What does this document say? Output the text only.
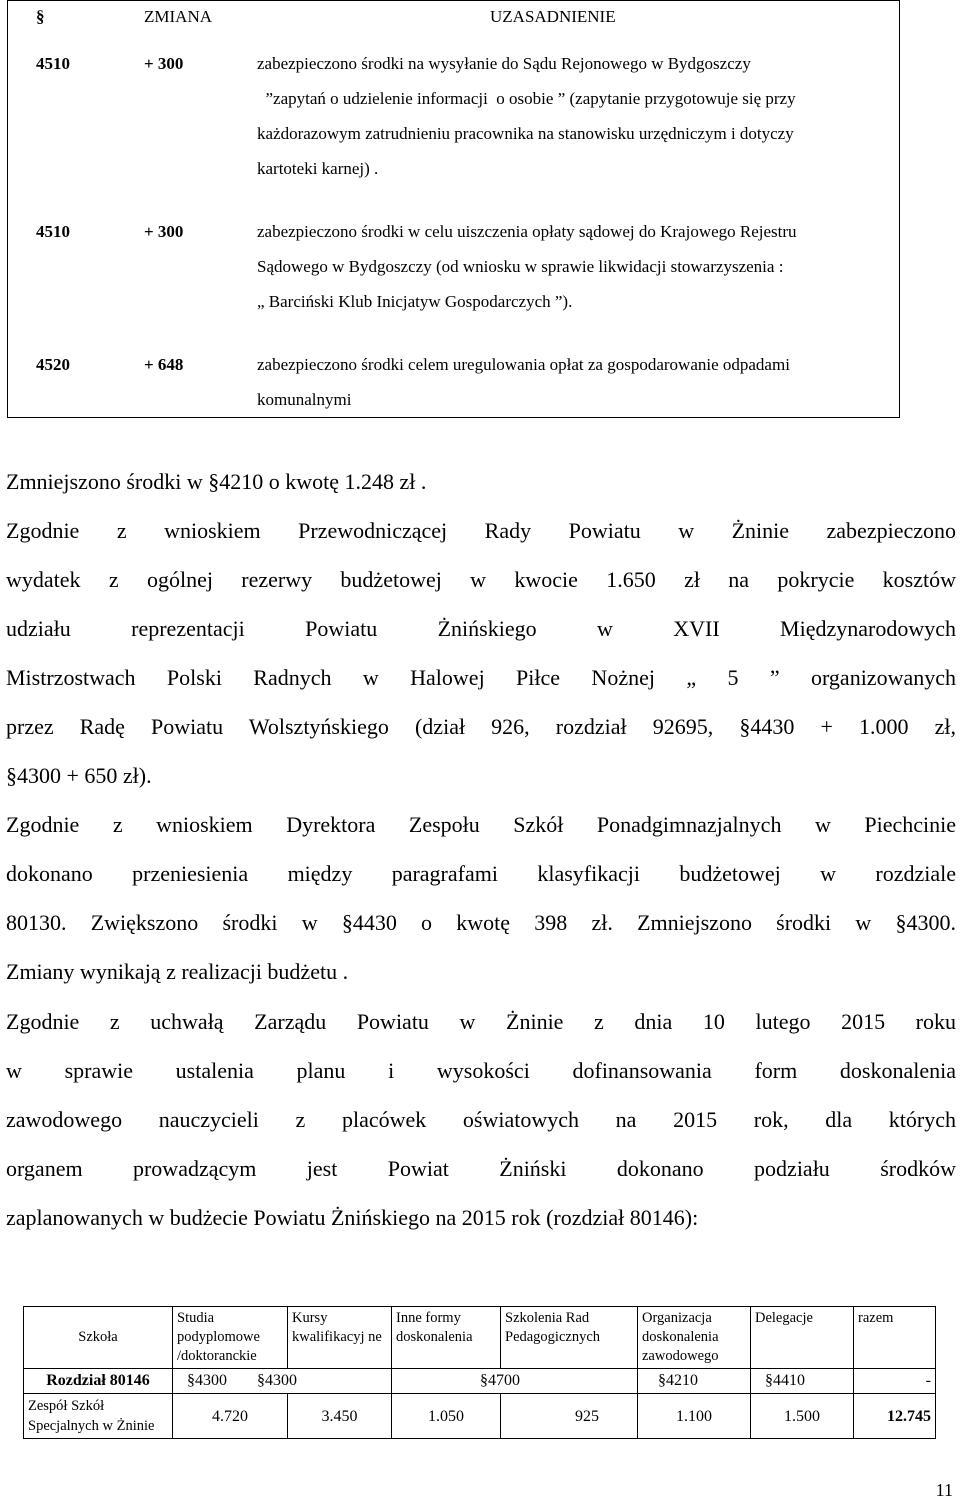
§	ZMIANA	UZASADNIENIE

4510	+ 300	zabezpieczono środki na wysyłanie do Sądu Rejonowego w Bydgoszczy
”zapytań o udzielenie informacji  o osobie ” (zapytanie przygotowuje się przy
każdorazowym zatrudnieniu pracownika na stanowisku urzędniczym i dotyczy
kartoteki karnej) .

4510	+ 300	zabezpieczono środki w celu uiszczenia opłaty sądowej do Krajowego Rejestru
Sądowego w Bydgoszczy (od wniosku w sprawie likwidacji stowarzyszenia :
„ Barciński Klub Inicjatyw Gospodarczych ”).

4520	+ 648	zabezpieczono środki celem uregulowania opłat za gospodarowanie odpadami
komunalnymi

Zmniejszono środki w §4210 o kwotę 1.248 zł .

Zgodnie z wnioskiem Przewodniczącej Rady Powiatu w Żninie zabezpieczono

wydatek z ogólnej rezerwy budżetowej w kwocie 1.650 zł na pokrycie kosztów

udziału reprezentacji Powiatu Żnińskiego w XVII Międzynarodowych

Mistrzostwach Polski Radnych w Halowej Piłce Nożnej „ 5 ” organizowanych

przez Radę Powiatu Wolsztyńskiego (dział 926, rozdział 92695, §4430 + 1.000 zł,

§4300 + 650 zł).

Zgodnie z wnioskiem Dyrektora Zespołu Szkół Ponadgimnazjalnych w Piechcinie

dokonano przeniesienia między paragrafami klasyfikacji budżetowej w rozdziale

80130. Zwiększono środki w §4430 o kwotę 398 zł. Zmniejszono środki w §4300.

Zmiany wynikają z realizacji budżetu .

Zgodnie z uchwałą Zarządu Powiatu w Żninie z dnia 10 lutego 2015 roku

w sprawie ustalenia planu i wysokości dofinansowania form doskonalenia

zawodowego nauczycieli z placówek oświatowych na 2015 rok, dla których

organem prowadzącym jest Powiat Żniński dokonano podziału środków

zaplanowanych w budżecie Powiatu Żnińskiego na 2015 rok (rozdział 80146):

Szkoła	Studia podyplomowe /doktoranckie	Kursy kwalifikacyj ne	Inne formy doskonalenia	Szkolenia Rad Pedagogicznych	Organizacja doskonalenia zawodowego	Delegacje	razem
Rozdział 80146	§4300 §4300		§4700		§4210	§4410	-
Zespół Szkół Specjalnych w Żninie	4.720	3.450	1.050	925	1.100	1.500	12.745
11
